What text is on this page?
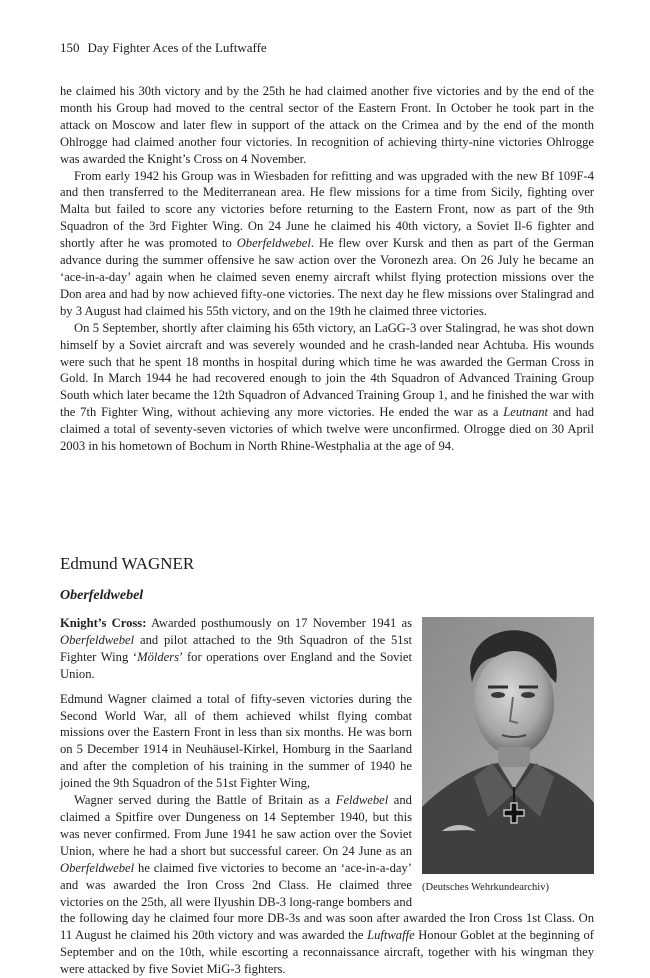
150 Day Fighter Aces of the Luftwaffe

he claimed his 30th victory and by the 25th he had claimed another five victories and by the end of the month his Group had moved to the central sector of the Eastern Front. In October he took part in the attack on Moscow and later flew in support of the attack on the Crimea and by the end of the month Ohlrogge had claimed another four victories. In recognition of achieving thirty-nine victories Ohlrogge was awarded the Knight’s Cross on 4 November.

From early 1942 his Group was in Wiesbaden for refitting and was upgraded with the new Bf 109F-4 and then transferred to the Mediterranean area. He flew missions for a time from Sicily, fighting over Malta but failed to score any victories before returning to the Eastern Front, now as part of the 9th Squadron of the 3rd Fighter Wing. On 24 June he claimed his 40th victory, a Soviet Il-6 fighter and shortly after he was promoted to Oberfeldwebel. He flew over Kursk and then as part of the German advance during the summer offensive he saw action over the Voronezh area. On 26 July he became an ‘ace-in-a-day’ again when he claimed seven enemy aircraft whilst flying protection missions over the Don area and had by now achieved fifty-one victories. The next day he flew missions over Stalingrad and by 3 August had claimed his 55th victory, and on the 19th he claimed three victories.

On 5 September, shortly after claiming his 65th victory, an LaGG-3 over Stalingrad, he was shot down himself by a Soviet aircraft and was severely wounded and he crash-landed near Achtuba. His wounds were such that he spent 18 months in hospital during which time he was awarded the German Cross in Gold. In March 1944 he had recovered enough to join the 4th Squadron of Advanced Training Group South which later became the 12th Squadron of Advanced Training Group 1, and he finished the war with the 7th Fighter Wing, without achieving any more victories. He ended the war as a Leutnant and had claimed a total of seventy-seven victories of which twelve were unconfirmed. Olrogge died on 30 April 2003 in his hometown of Bochum in North Rhine-Westphalia at the age of 94.

Edmund WAGNER
Oberfeldwebel
(Deutsches Wehrkundearchiv)

Knight’s Cross: Awarded posthumously on 17 November 1941 as Oberfeldwebel and pilot attached to the 9th Squadron of the 51st Fighter Wing ‘Mölders’ for operations over England and the Soviet Union.

Edmund Wagner claimed a total of fifty-seven victories during the Second World War, all of them achieved whilst flying combat missions over the Eastern Front in less than six months. He was born on 5 December 1914 in Neuhäusel-Kirkel, Homburg in the Saarland and after the completion of his training in the summer of 1940 he joined the 9th Squadron of the 51st Fighter Wing,

Wagner served during the Battle of Britain as a Feldwebel and claimed a Spitfire over Dungeness on 14 September 1940, but this was never confirmed. From June 1941 he saw action over the Soviet Union, where he had a short but successful career. On 24 June as an Oberfeldwebel he claimed five victories to become an ‘ace-in-a-day’ and was awarded the Iron Cross 2nd Class. He claimed three victories on the 25th, all were Ilyushin DB-3 long-range bombers and the following day he claimed four more DB-3s and was soon after awarded the Iron Cross 1st Class. On 11 August he claimed his 20th victory and was awarded the Luftwaffe Honour Goblet at the beginning of September and on the 10th, while escorting a reconnaissance aircraft, together with his wingman they were attacked by five Soviet MiG-3 fighters.
